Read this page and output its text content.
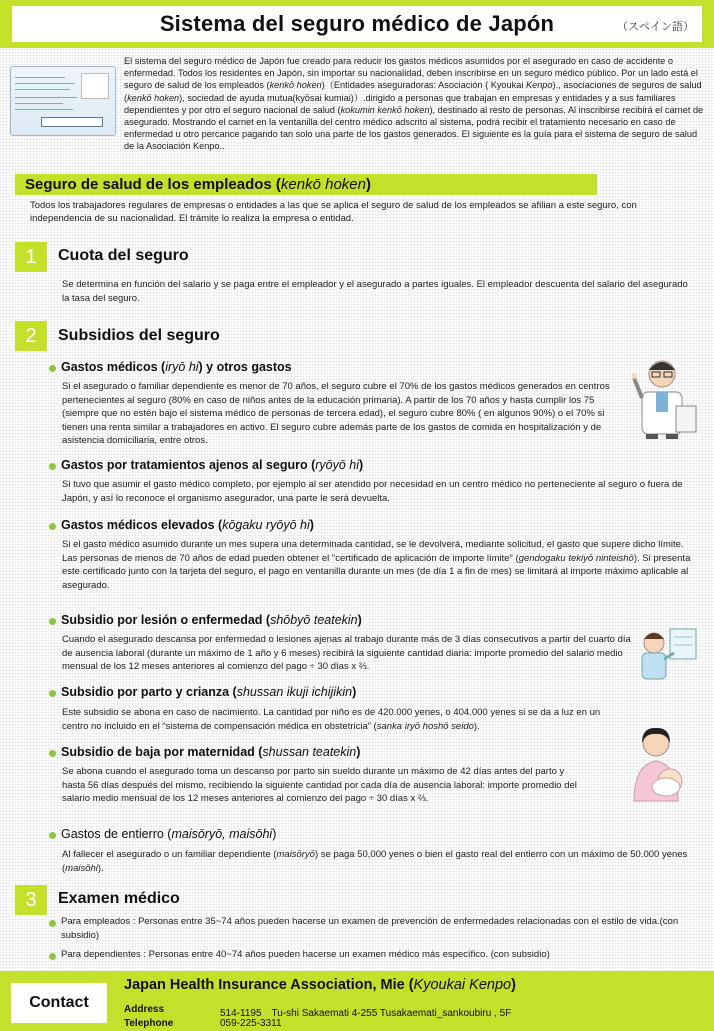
Sistema del seguro médico de Japón	（スペイン語）
El sistema del seguro médico de Japón fue creado para reducir los gastos médicos asumidos por el asegurado en caso de accidente o enfermedad. Todos los residentes en Japón, sin importar su nacionalidad, deben inscribirse en un seguro médico público. Por un lado está el seguro de salud de los empleados (kenkō hoken)（Entidades aseguradoras: Asociación ( Kyoukai Kenpo)., asociaciones de seguros de salud (kenkō hoken), sociedad de ayuda mutua(kyōsai kumiai)）.dirigido a personas que trabajan en empresas y entidades y a sus familiares dependientes y por otro el seguro nacional de salud (kokumin kenkō hoken), destinado al resto de personas. Al inscribirse recibirá el carnet de asegurado. Mostrando el carnet en la ventanilla del centro médico adscrito al sistema, podrá recibir el tratamiento necesario en caso de enfermedad u otro percance pagando tan solo una parte de los gastos generados. El siguiente es la guía para el sistema de seguro de salud de la Asociación Kenpo..
Seguro de salud de los empleados (kenkō hoken)
Todos los trabajadores regulares de empresas o entidades a las que se aplica el seguro de salud de los empleados se afilian a este seguro, con independencia de su nacionalidad. El trámite lo realiza la empresa o entidad.
1	Cuota del seguro
Se determina en función del salario y se paga entre el empleador y el asegurado a partes iguales. El empleador descuenta del salario del asegurado la tasa del seguro.
2	Subsidios del seguro
Gastos médicos (iryō hi) y otros gastos
Si el asegurado o familiar dependiente es menor de 70 años, el seguro cubre el 70% de los gastos médicos generados en centros pertenecientes al seguro (80% en caso de niños antes de la educación primaria). A partir de los 70 años y hasta cumplir los 75 (siempre que no estén bajo el sistema médico de personas de tercera edad), el seguro cubre 80% ( en algunos 90%) o el 70% si tienen una renta similar a trabajadores en activo. El seguro cubre además parte de los gastos de comida en hospitalización y de asistencia domiciliaria, entre otros.
Gastos por tratamientos ajenos al seguro (ryōyō hi)
Si tuvo que asumir el gasto médico completo, por ejemplo al ser atendido por necesidad en un centro médico no perteneciente al seguro o fuera de Japón, y así lo reconoce el organismo asegurador, una parte le será devuelta.
Gastos médicos elevados (kōgaku ryōyō hi)
Si el gasto médico asumido durante un mes supera una determinada cantidad, se le devolverá, mediante solicitud, el gasto que supere dicho límite.
Las personas de menos de 70 años de edad pueden obtener el "certificado de aplicación de importe límite" (gendogaku tekiyō ninteishō). Si presenta este certificado junto con la tarjeta del seguro, el pago en ventanilla durante un mes (de día 1 a fin de mes) se limitará al importe máximo aplicable al asegurado.
Subsidio por lesión o enfermedad (shōbyō teatekin)
Cuando el asegurado descansa por enfermedad o lesiones ajenas al trabajo durante más de 3 días consecutivos a partir del cuarto día de ausencia laboral (durante un máximo de 1 año y 6 meses) recibirá la siguiente cantidad diaria: importe promedio del salario medio mensual de los 12 meses anteriores al comienzo del pago ÷ 30 días x ⅔.
Subsidio por parto y crianza (shussan ikuji ichijikin)
Este subsidio se abona en caso de nacimiento. La cantidad por niño es de 420.000 yenes, o 404.000 yenes si se da a luz en un centro no incluido en el “sistema de compensación médica en obstetricia” (sanka iryō hoshō seido).
Subsidio de baja por maternidad (shussan teatekin)
Se abona cuando el asegurado toma un descanso por parto sin sueldo durante un máximo de 42 días antes del parto y hasta 56 días después del mismo, recibiendo la siguiente cantidad por cada día de ausencia laboral: importe promedio del salario medio mensual de los 12 meses anteriores al comienzo del pago ÷ 30 días x ⅔.
Gastos de entierro (maisōryō, maisōhi)
Al fallecer el asegurado o un familiar dependiente (maisōryō) se paga 50,000 yenes o bien el gasto real del entierro con un máximo de 50.000 yenes (maisōhi).
3	Examen médico
Para empleados : Personas entre 35~74 años pueden hacerse un examen de prevención de enfermedades relacionadas con el estilo de vida.(con subsidio)
Para dependientes : Personas entre 40~74 años pueden hacerse un examen médico más específico. (con subsidio)
Contact
Japan Health Insurance Association, Mie (Kyoukai Kenpo)
Address	514-1195　Tu-shi Sakaemati 4-255 Tusakaemati_sankoubiru , 5F
Telephone	059-225-3311
